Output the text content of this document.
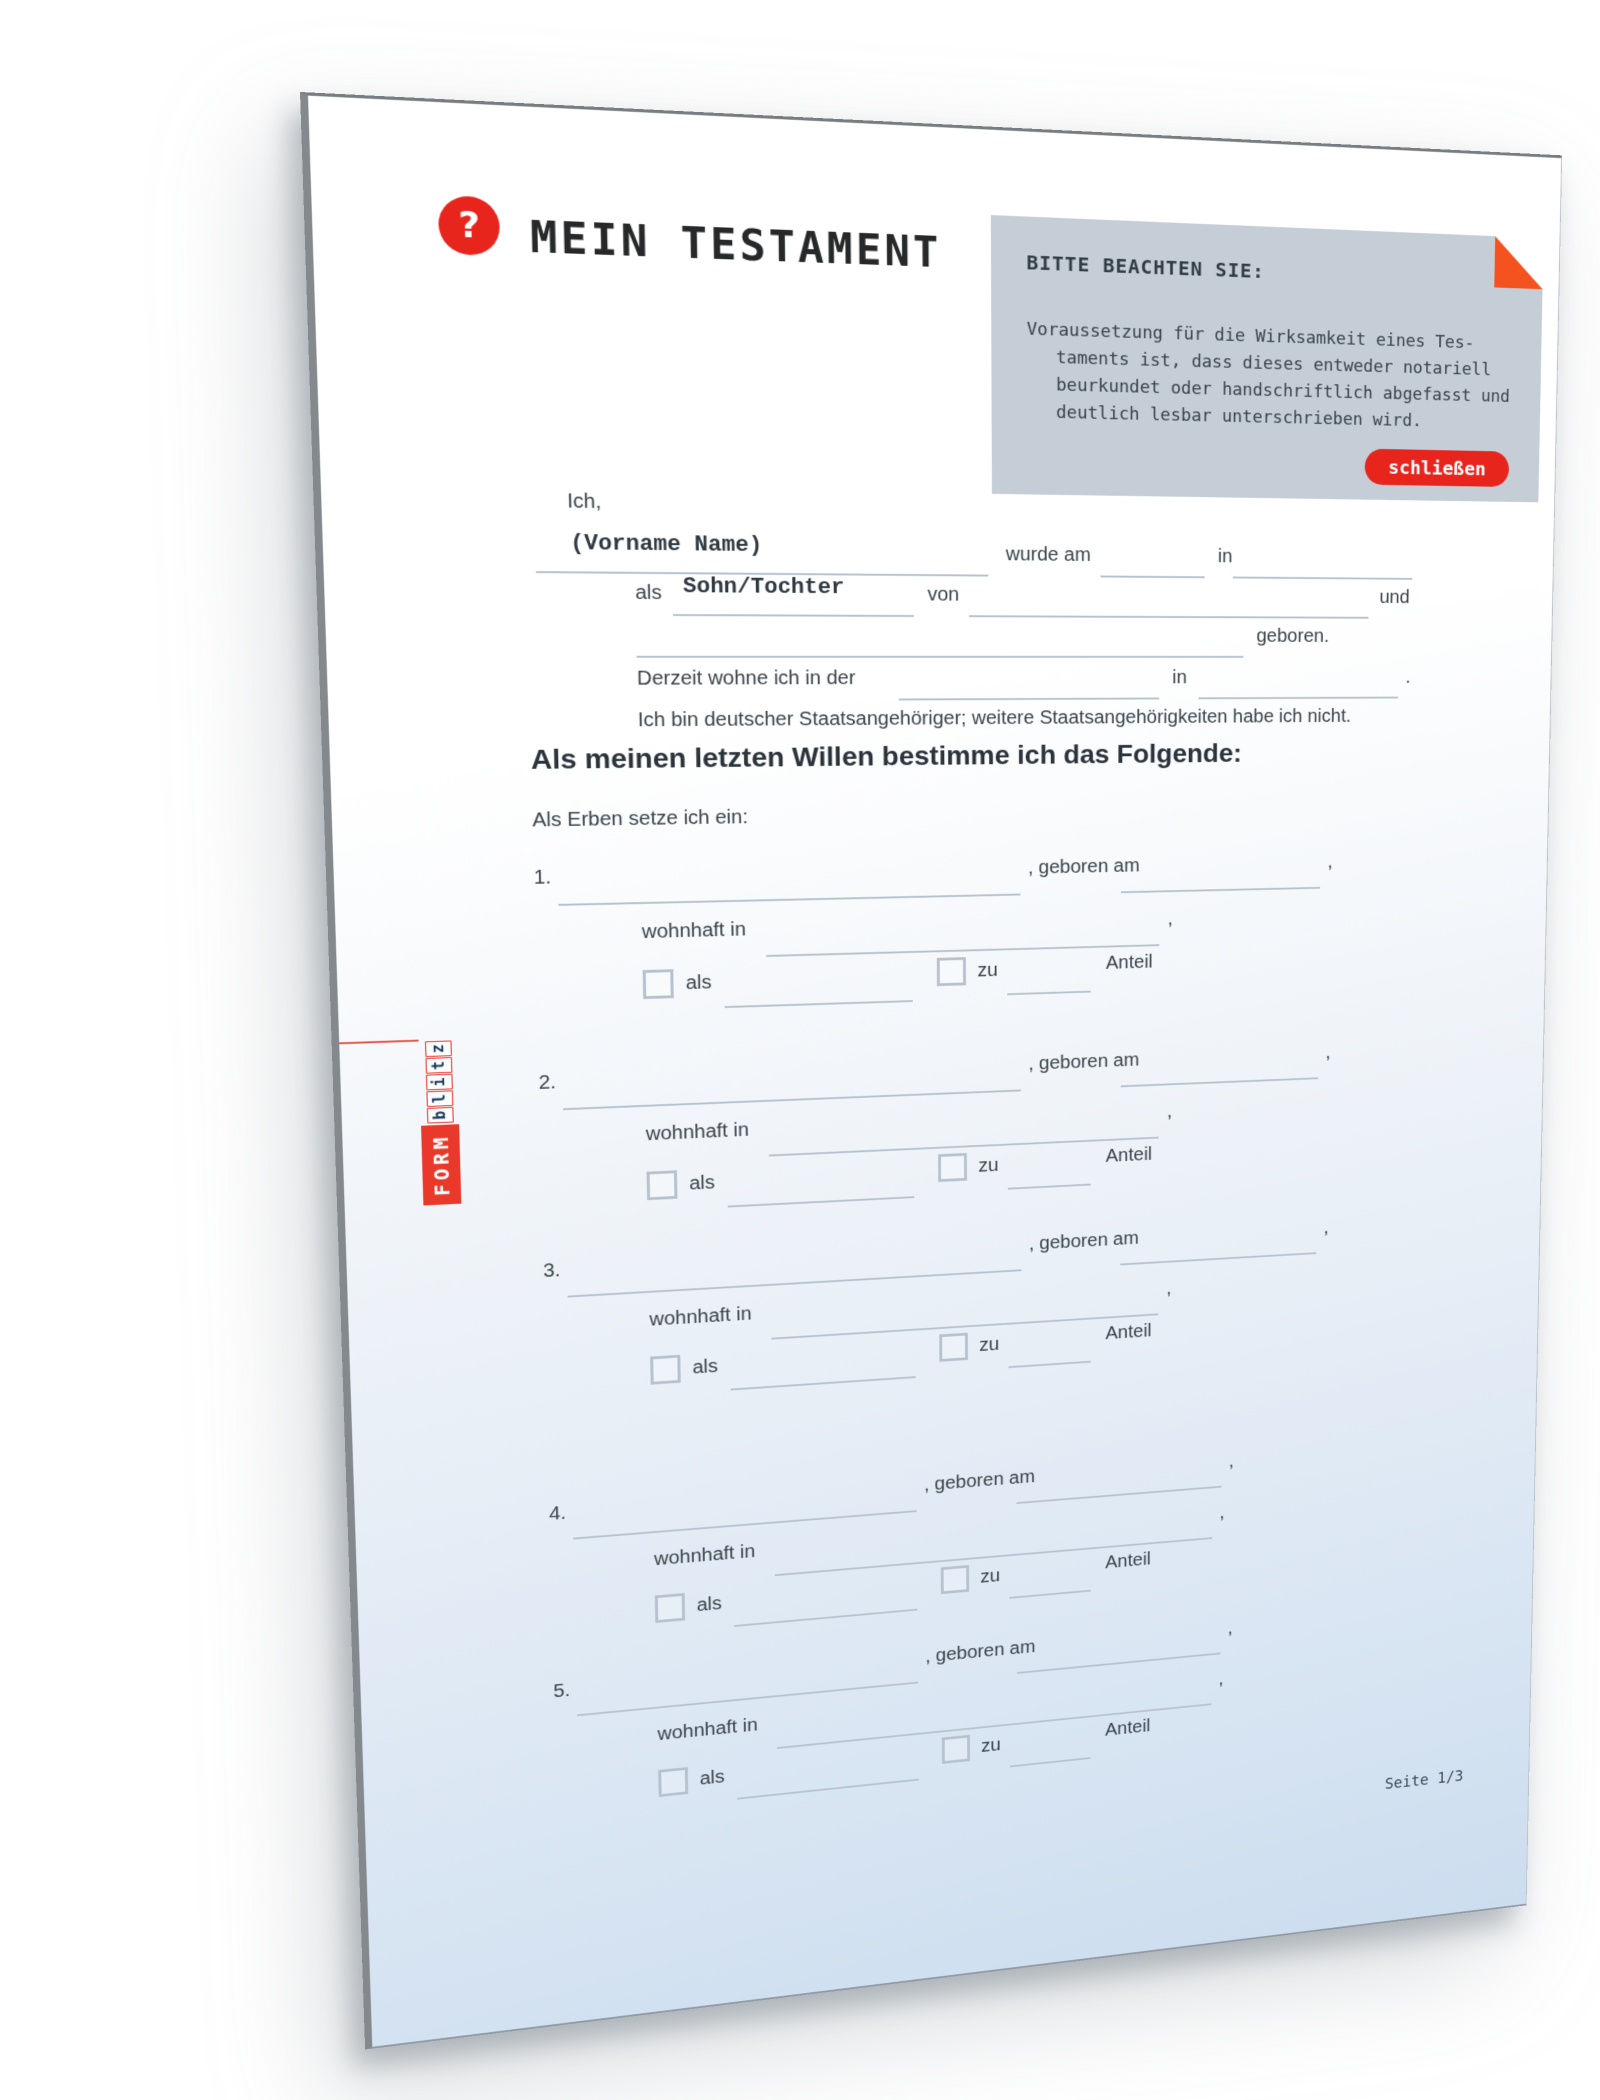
?	MEIN TESTAMENT	BITTE BEACHTEN SIE:
Voraussetzung für die Wirksamkeit eines Tes-
taments ist, dass dieses entweder notariell
beurkundet oder handschriftlich abgefasst und
deutlich lesbar unterschrieben wird.
schließen
Ich,
(Vorname Name)	wurde am	in
als Sohn/Tochter	von	und
geboren.
Derzeit wohne ich in der	in	.
Ich bin deutscher Staatsangehöriger; weitere Staatsangehörigkeiten habe ich nicht.
Als meinen letzten Willen bestimme ich das Folgende:
Als Erben setze ich ein:
1.	, geboren am	,
wohnhaft in
,
als
zu	Anteil
2.
, geboren am	,
wohnhaft in
,
als
zu	Anteil
3.
, geboren am
,
wohnhaft in
,
als
zu
Anteil
4.
, geboren am
,
wohnhaft in
,
als
zu
Anteil
5.
, geboren am
,
wohnhaft in
,
als
zu
Anteil
FORM
b
l
i
t
z
Seite 1/3
